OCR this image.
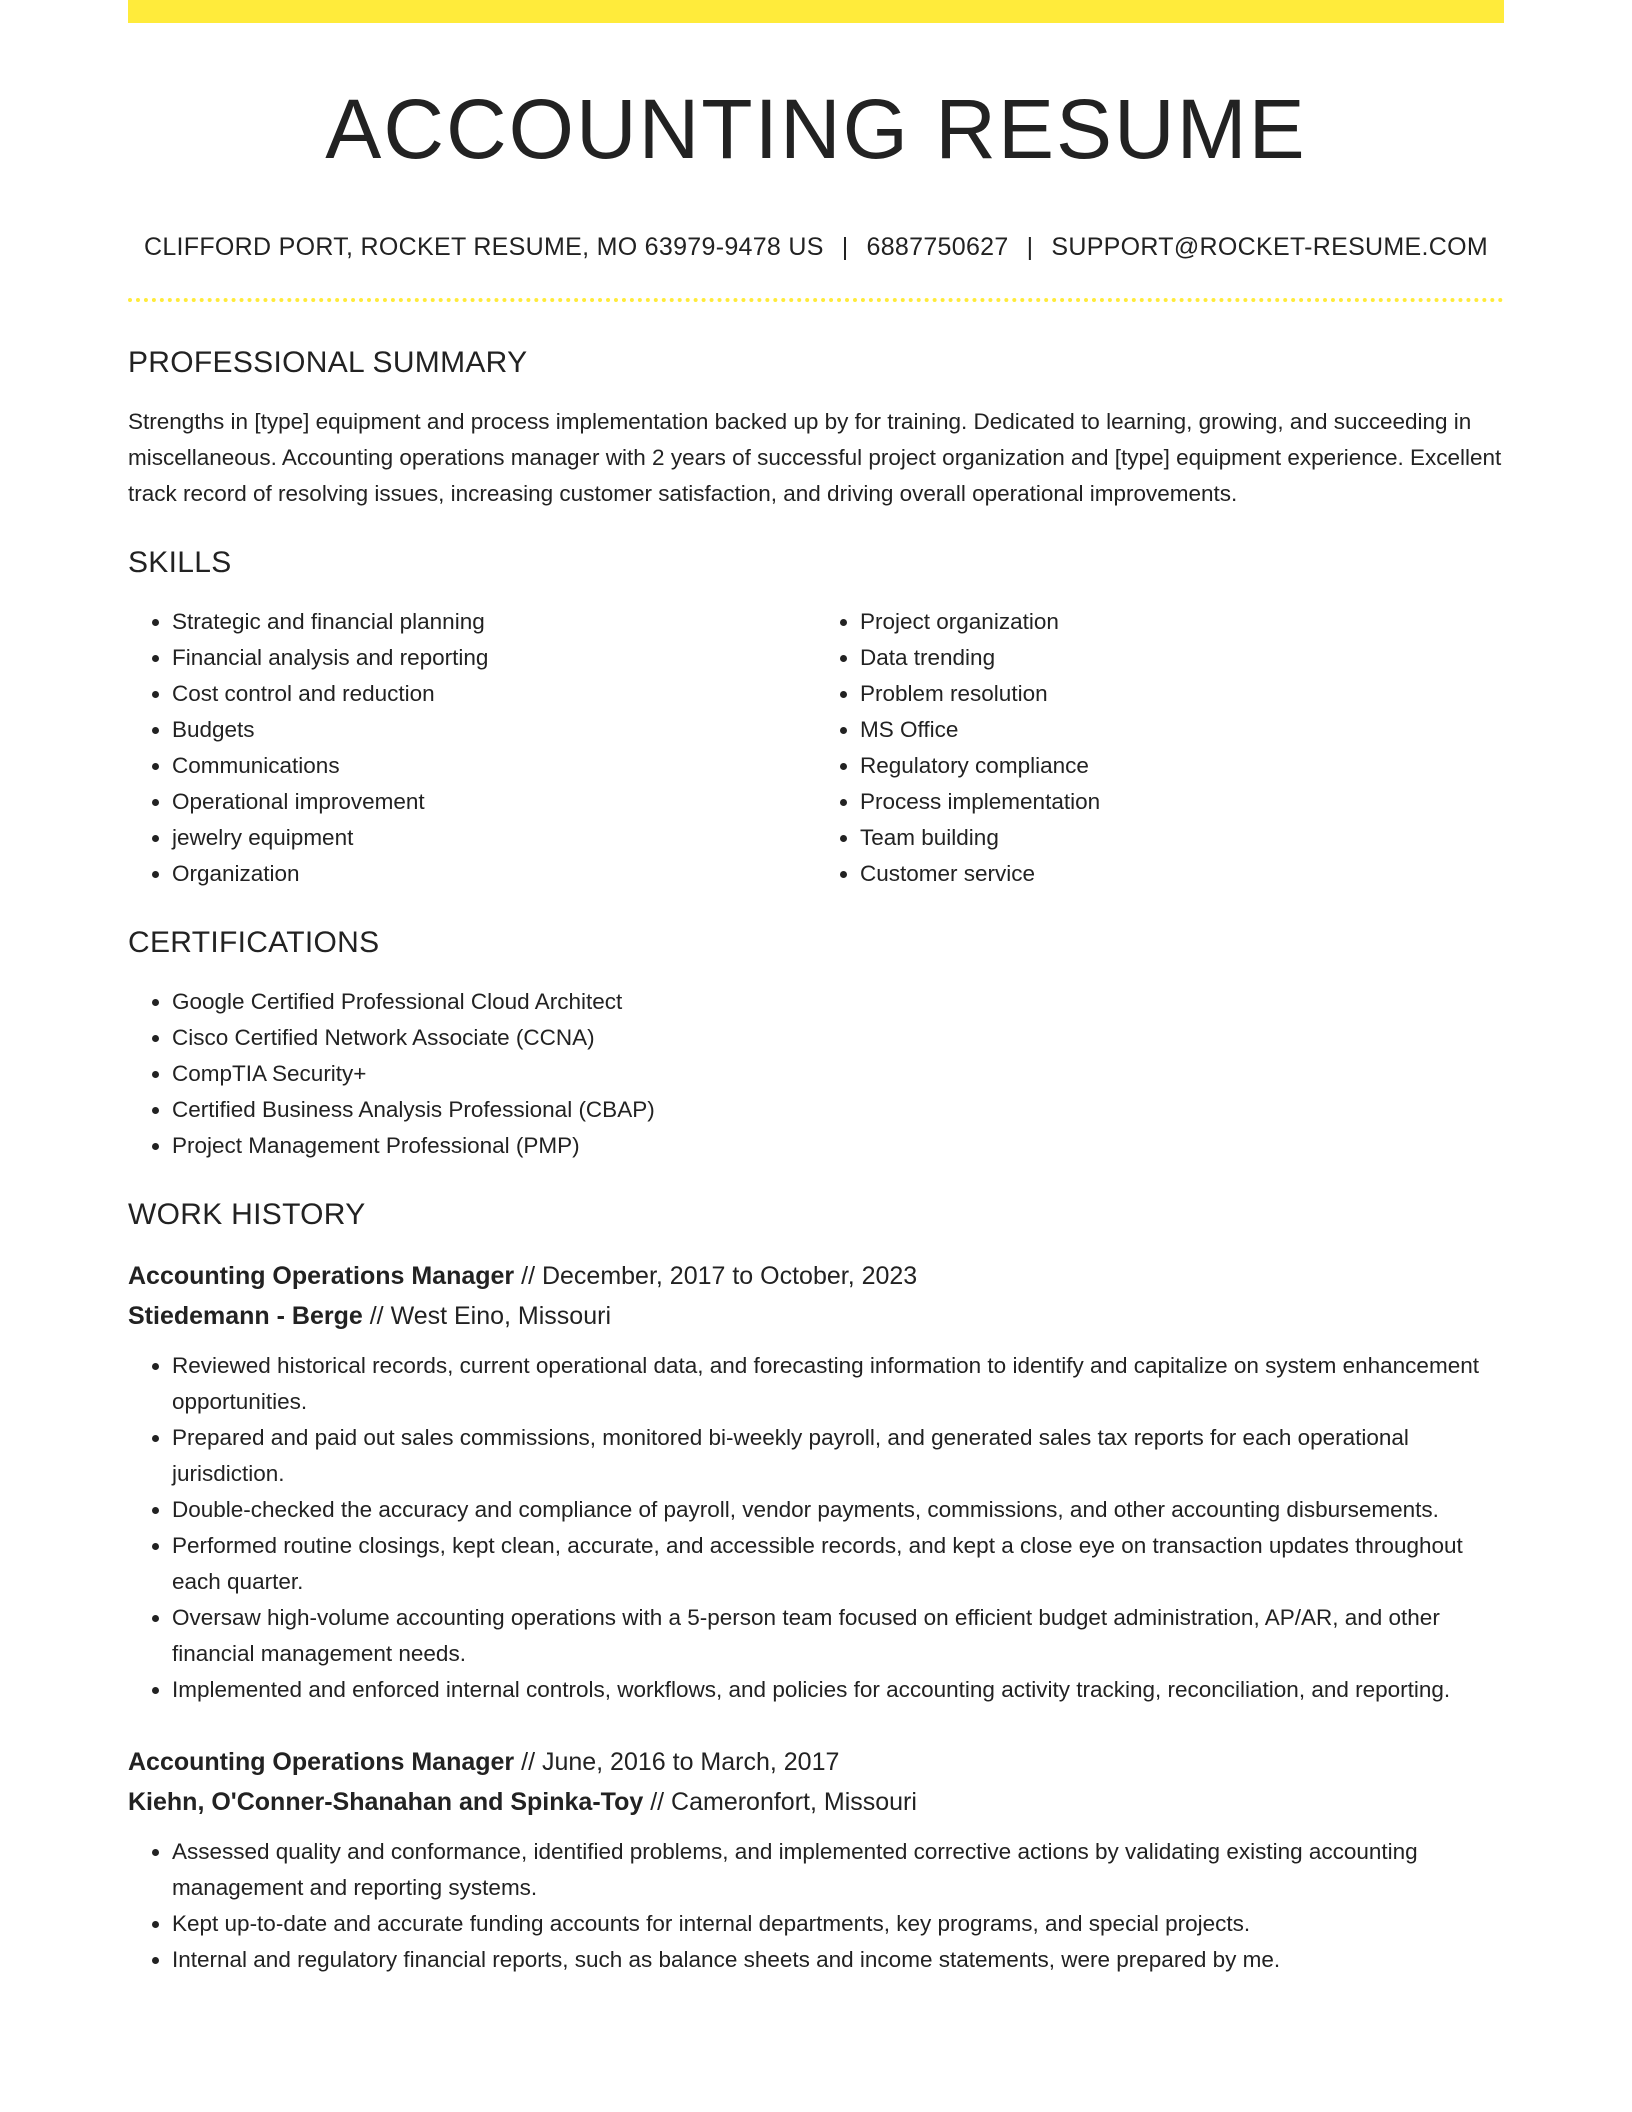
ACCOUNTING RESUME
CLIFFORD PORT, ROCKET RESUME, MO 63979-9478 US | 6887750627 | SUPPORT@ROCKET-RESUME.COM
PROFESSIONAL SUMMARY
Strengths in [type] equipment and process implementation backed up by for training. Dedicated to learning, growing, and succeeding in miscellaneous. Accounting operations manager with 2 years of successful project organization and [type] equipment experience. Excellent track record of resolving issues, increasing customer satisfaction, and driving overall operational improvements.
SKILLS
• Strategic and financial planning
• Financial analysis and reporting
• Cost control and reduction
• Budgets
• Communications
• Operational improvement
• jewelry equipment
• Organization
• Project organization
• Data trending
• Problem resolution
• MS Office
• Regulatory compliance
• Process implementation
• Team building
• Customer service
CERTIFICATIONS
• Google Certified Professional Cloud Architect
• Cisco Certified Network Associate (CCNA)
• CompTIA Security+
• Certified Business Analysis Professional (CBAP)
• Project Management Professional (PMP)
WORK HISTORY
Accounting Operations Manager // December, 2017 to October, 2023
Stiedemann - Berge // West Eino, Missouri
• Reviewed historical records, current operational data, and forecasting information to identify and capitalize on system enhancement opportunities.
• Prepared and paid out sales commissions, monitored bi-weekly payroll, and generated sales tax reports for each operational jurisdiction.
• Double-checked the accuracy and compliance of payroll, vendor payments, commissions, and other accounting disbursements.
• Performed routine closings, kept clean, accurate, and accessible records, and kept a close eye on transaction updates throughout each quarter.
• Oversaw high-volume accounting operations with a 5-person team focused on efficient budget administration, AP/AR, and other financial management needs.
• Implemented and enforced internal controls, workflows, and policies for accounting activity tracking, reconciliation, and reporting.
Accounting Operations Manager // June, 2016 to March, 2017
Kiehn, O'Conner-Shanahan and Spinka-Toy // Cameronfort, Missouri
• Assessed quality and conformance, identified problems, and implemented corrective actions by validating existing accounting management and reporting systems.
• Kept up-to-date and accurate funding accounts for internal departments, key programs, and special projects.
• Internal and regulatory financial reports, such as balance sheets and income statements, were prepared by me.
